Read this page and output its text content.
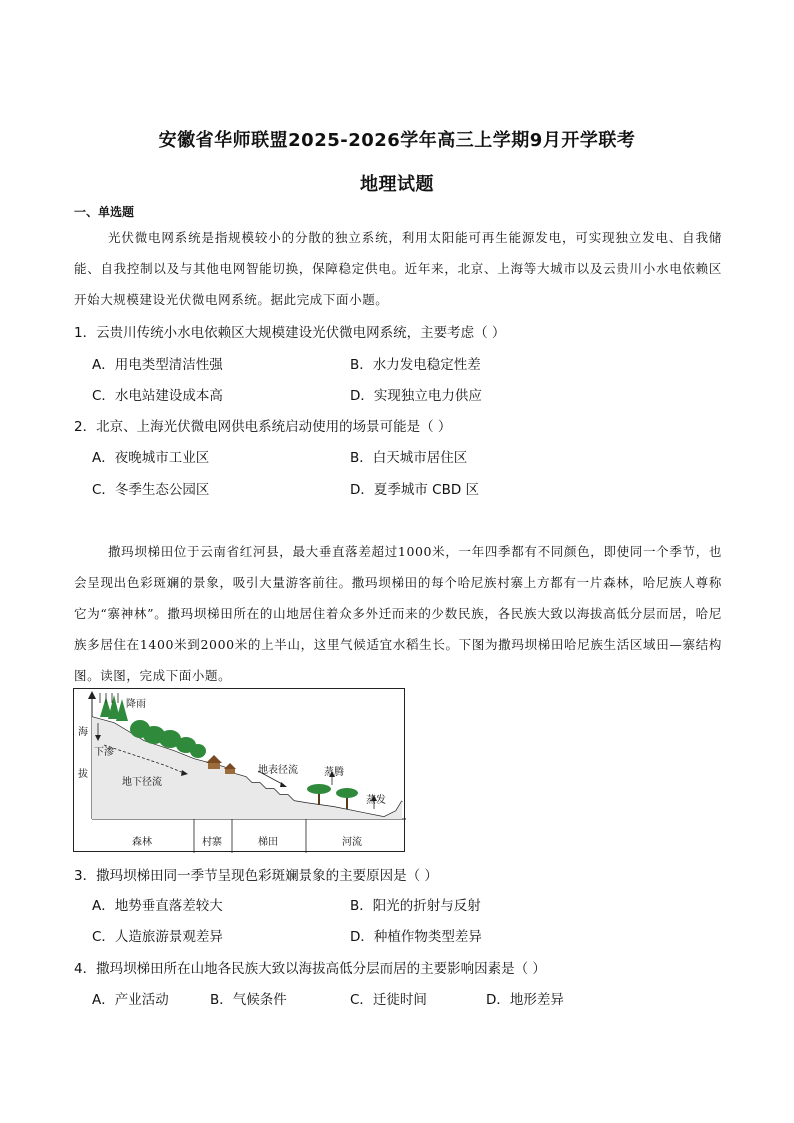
安徽省华师联盟2025-2026学年高三上学期9月开学联考
地理试题
一、单选题
光伏微电网系统是指规模较小的分散的独立系统，利用太阳能可再生能源发电，可实现独立发电、自我储能、自我控制以及与其他电网智能切换，保障稳定供电。近年来，北京、上海等大城市以及云贵川小水电依赖区开始大规模建设光伏微电网系统。据此完成下面小题。
1．云贵川传统小水电依赖区大规模建设光伏微电网系统，主要考虑（ ）
A．用电类型清洁性强	B．水力发电稳定性差
C．水电站建设成本高	D．实现独立电力供应
2．北京、上海光伏微电网供电系统启动使用的场景可能是（ ）
A．夜晚城市工业区	B．白天城市居住区
C．冬季生态公园区	D．夏季城市 CBD 区
撒玛坝梯田位于云南省红河县，最大垂直落差超过1000米，一年四季都有不同颜色，即使同一个季节，也会呈现出色彩斑斓的景象，吸引大量游客前往。撒玛坝梯田的每个哈尼族村寨上方都有一片森林，哈尼族人尊称它为“寨神林”。撒玛坝梯田所在的山地居住着众多外迁而来的少数民族，各民族大致以海拔高低分层而居，哈尼族多居住在1400米到2000米的上半山，这里气候适宜水稻生长。下图为撒玛坝梯田哈尼族生活区域田—寨结构图。读图，完成下面小题。
海
拔
降雨
下渗
地下径流
地表径流	蒸腾
蒸发
森林	村寨	梯田	河流
3．撒玛坝梯田同一季节呈现色彩斑斓景象的主要原因是（ ）
A．地势垂直落差较大	B．阳光的折射与反射
C．人造旅游景观差异	D．种植作物类型差异
4．撒玛坝梯田所在山地各民族大致以海拔高低分层而居的主要影响因素是（ ）
A．产业活动	B．气候条件	C．迁徙时间	D．地形差异
